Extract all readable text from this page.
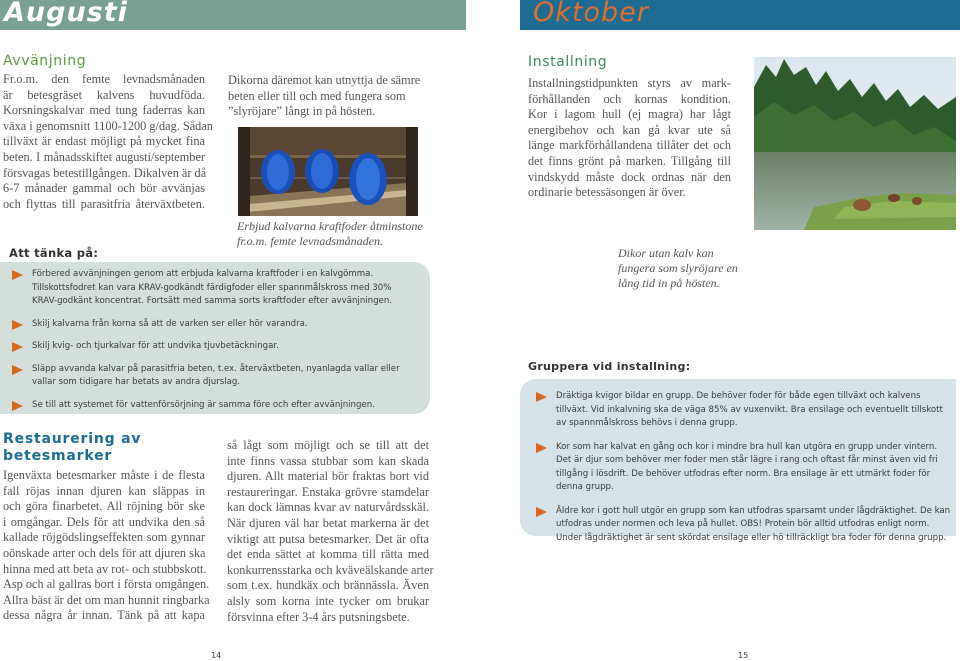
Augusti	Oktober
Avvänjning
Fr.o.m. den femte levnadsmånaden
är betesgräset kalvens huvudföda.
Korsningskalvar med tung faderras kan
växa i genomsnitt 1100-1200 g/dag. Sådan
tillväxt är endast möjligt på mycket fina
beten. I månadsskiftet augusti/september
försvagas betestillgången. Dikalven är då
6-7 månader gammal och bör avvänjas
och flyttas till parasitfria återväxtbeten.
Dikorna däremot kan utnyttja de sämre
beten eller till och med fungera som
”slyröjare” långt in på hösten.
Erbjud kalvarna kraftfoder åtminstone
fr.o.m. femte levnadsmånaden.
Att tänka på:
Förbered avvänjningen genom att erbjuda kalvarna kraftfoder i en kalvgömma. Tillskottsfodret kan vara KRAV-godkändt färdigfoder eller spannmålskross med 30% KRAV-godkänt koncentrat. Fortsätt med samma sorts kraftfoder efter avvänjningen.
Skilj kalvarna från korna så att de varken ser eller hör varandra.
Skilj kvig- och tjurkalvar för att undvika tjuvbetäckningar.
Släpp avvanda kalvar på parasitfria beten, t.ex. återväxtbeten, nyanlagda vallar eller vallar som tidigare har betats av andra djurslag.
Se till att systemet för vattenförsörjning är samma före och efter avvänjningen.
Restaurering av
betesmarker
Igenväxta betesmarker måste i de flesta
fall röjas innan djuren kan släppas in
och göra finarbetet. All röjning bör ske
i omgångar. Dels för att undvika den så
kallade röjgödslingseffekten som gynnar
oönskade arter och dels för att djuren ska
hinna med att beta av rot- och stubbskott.
Asp och al gallras bort i första omgången.
Allra bäst är det om man hunnit ringbarka
dessa några år innan. Tänk på att kapa
så lågt som möjligt och se till att det
inte finns vassa stubbar som kan skada
djuren. Allt material bör fraktas bort vid
restaureringar. Enstaka grövre stamdelar
kan dock lämnas kvar av naturvårdsskäl.
När djuren väl har betat markerna är det
viktigt att putsa betesmarker. Det är ofta
det enda sättet at komma till rätta med
konkurrensstarka och kväveälskande arter
som t.ex. hundkäx och brännässla. Även
alsly som korna inte tycker om brukar
försvinna efter 3-4 års putsningsbete.
Installning
Installningstidpunkten styrs av mark-
förhållanden och kornas kondition.
Kor i lagom hull (ej magra) har lågt
energibehov och kan gå kvar ute så
länge markförhållandena tillåter det och
det finns grönt på marken. Tillgång till
vindskydd måste dock ordnas när den
ordinarie betessäsongen är över.
Dikor utan kalv kan
fungera som slyröjare en
lång tid in på hösten.
Gruppera vid installning:
Dräktiga kvigor bildar en grupp. De behöver foder för både egen tillväxt och kalvens tillväxt. Vid inkalvning ska de väga 85% av vuxenvikt. Bra ensilage och eventuellt tillskott av spannmålskross behövs i denna grupp.
Kor som har kalvat en gång och kor i mindre bra hull kan utgöra en grupp under vintern. Det är djur som behöver mer foder men står lägre i rang och oftast får minst även vid fri tillgång i lösdrift. De behöver utfodras efter norm. Bra ensilage är ett utmärkt foder för denna grupp.
Äldre kor i gott hull utgör en grupp som kan utfodras sparsamt under lågdräktighet. De kan utfodras under normen och leva på hullet. OBS! Protein bör alltid utfodras enligt norm. Under lågdräktighet är sent skördat ensilage eller hö tillräckligt bra foder för denna grupp.
14	15
